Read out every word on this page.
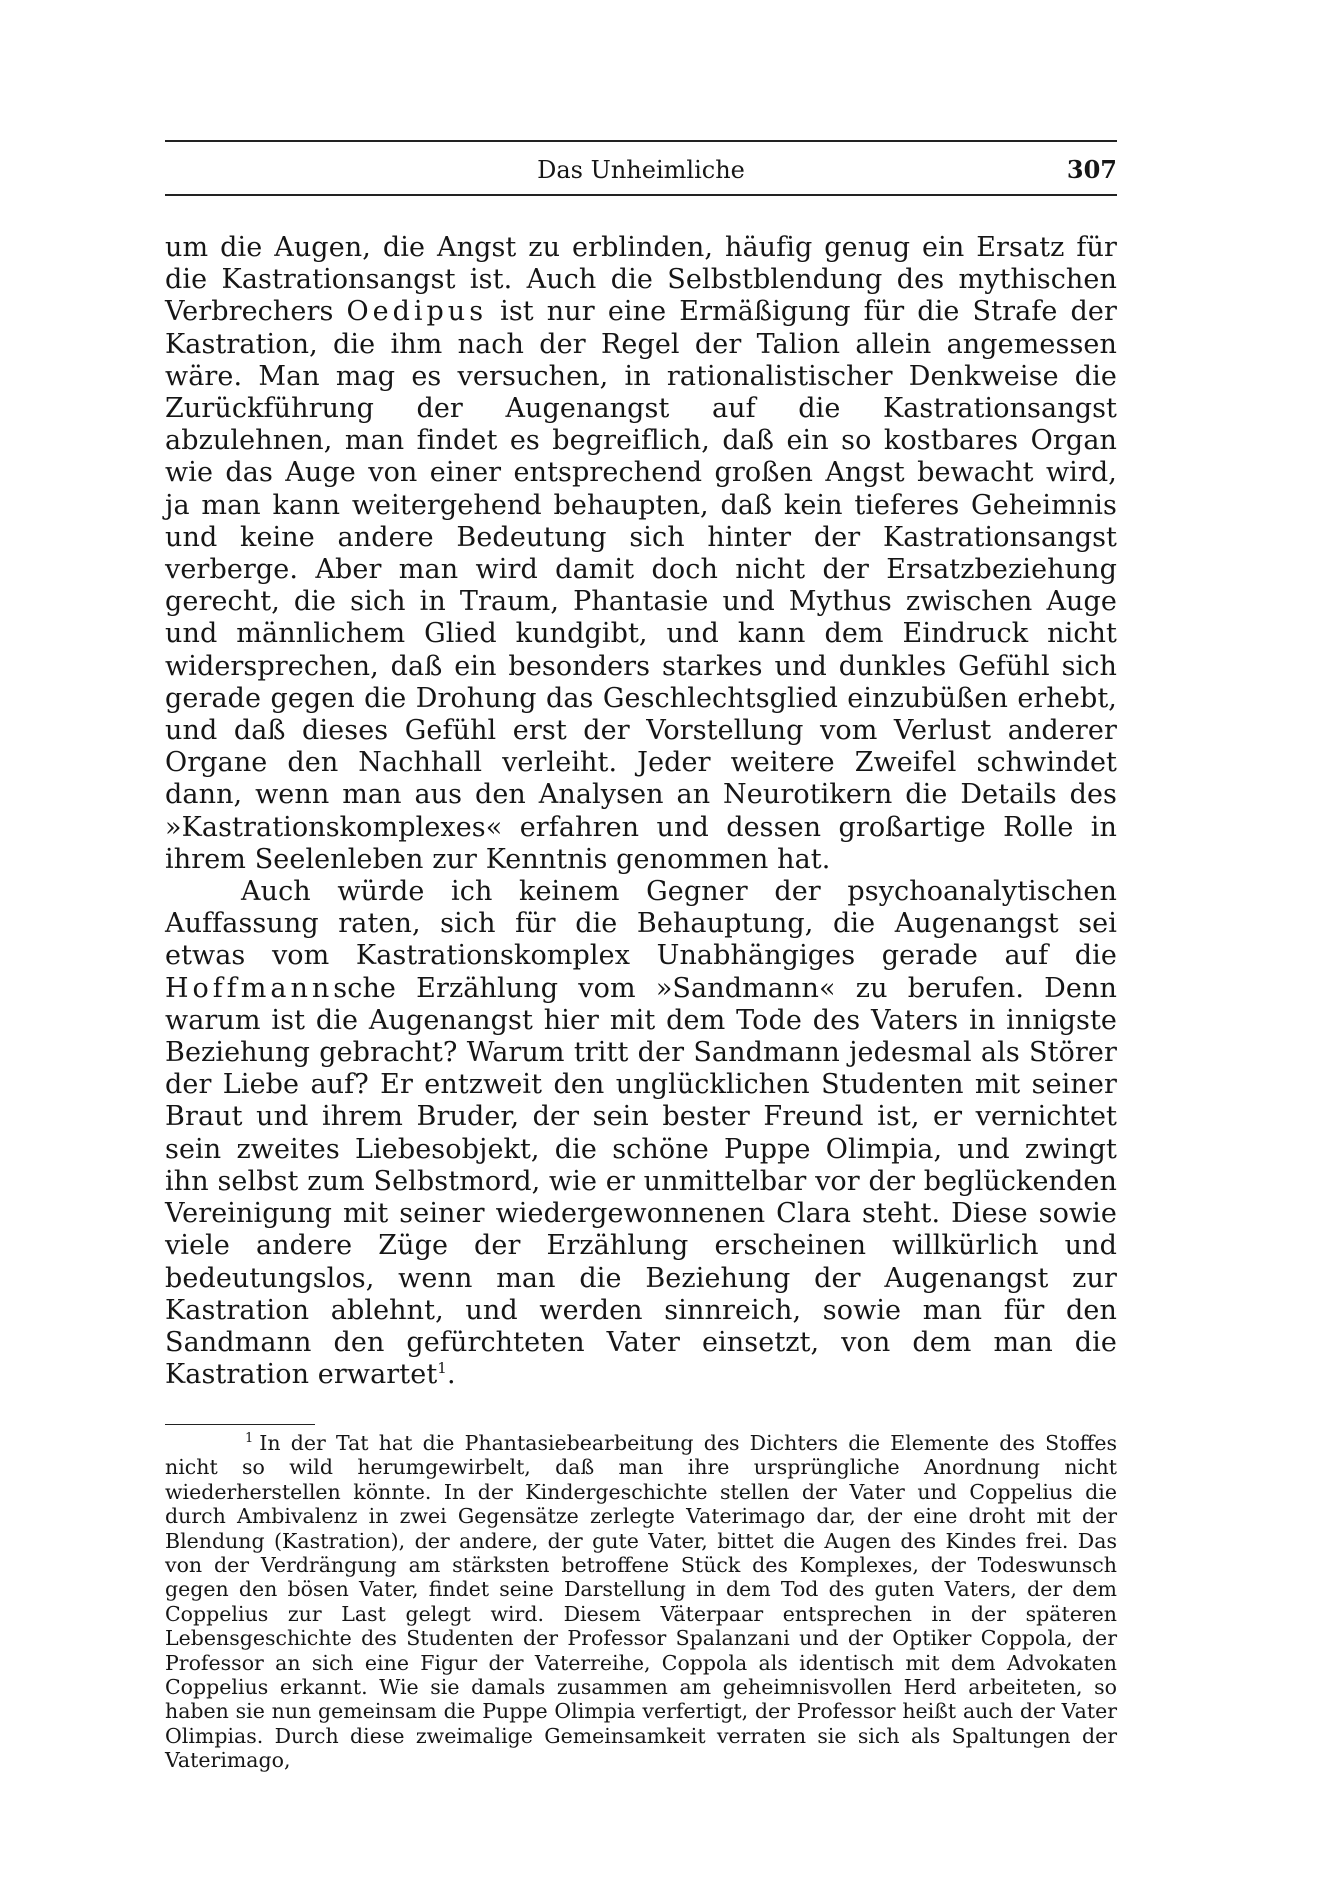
Das Unheimliche	307

um die Augen, die Angst zu erblinden, häufig genug ein Ersatz für die Kastrationsangst ist. Auch die Selbstblendung des mythischen Verbrechers Oedipus ist nur eine Ermäßigung für die Strafe der Kastration, die ihm nach der Regel der Talion allein angemessen wäre. Man mag es versuchen, in rationalistischer Denkweise die Zurückführung der Augenangst auf die Kastrationsangst abzulehnen, man findet es begreiflich, daß ein so kostbares Organ wie das Auge von einer entsprechend großen Angst bewacht wird, ja man kann weitergehend behaupten, daß kein tieferes Geheimnis und keine andere Bedeutung sich hinter der Kastrationsangst verberge. Aber man wird damit doch nicht der Ersatzbeziehung gerecht, die sich in Traum, Phantasie und Mythus zwischen Auge und männlichem Glied kundgibt, und kann dem Eindruck nicht widersprechen, daß ein besonders starkes und dunkles Gefühl sich gerade gegen die Drohung das Geschlechtsglied einzubüßen erhebt, und daß dieses Gefühl erst der Vorstellung vom Verlust anderer Organe den Nachhall verleiht. Jeder weitere Zweifel schwindet dann, wenn man aus den Analysen an Neurotikern die Details des »Kastrationskomplexes« erfahren und dessen großartige Rolle in ihrem Seelenleben zur Kenntnis genommen hat.

Auch würde ich keinem Gegner der psychoanalytischen Auffassung raten, sich für die Behauptung, die Augenangst sei etwas vom Kastrationskomplex Unabhängiges gerade auf die Hoffmannsche Erzählung vom »Sandmann« zu berufen. Denn warum ist die Augenangst hier mit dem Tode des Vaters in innigste Beziehung gebracht? Warum tritt der Sandmann jedesmal als Störer der Liebe auf? Er entzweit den unglücklichen Studenten mit seiner Braut und ihrem Bruder, der sein bester Freund ist, er vernichtet sein zweites Liebesobjekt, die schöne Puppe Olimpia, und zwingt ihn selbst zum Selbstmord, wie er unmittelbar vor der beglückenden Vereinigung mit seiner wiedergewonnenen Clara steht. Diese sowie viele andere Züge der Erzählung erscheinen willkürlich und bedeutungslos, wenn man die Beziehung der Augenangst zur Kastration ablehnt, und werden sinnreich, sowie man für den Sandmann den gefürchteten Vater einsetzt, von dem man die Kastration erwartet$^1$.

$^1$ In der Tat hat die Phantasiebearbeitung des Dichters die Elemente des Stoffes nicht so wild herumgewirbelt, daß man ihre ursprüngliche Anordnung nicht wiederherstellen könnte. In der Kindergeschichte stellen der Vater und Coppelius die durch Ambivalenz in zwei Gegensätze zerlegte Vaterimago dar, der eine droht mit der Blendung (Kastration), der andere, der gute Vater, bittet die Augen des Kindes frei. Das von der Verdrängung am stärksten betroffene Stück des Komplexes, der Todeswunsch gegen den bösen Vater, findet seine Darstellung in dem Tod des guten Vaters, der dem Coppelius zur Last gelegt wird. Diesem Väterpaar entsprechen in der späteren Lebensgeschichte des Studenten der Professor Spalanzani und der Optiker Coppola, der Professor an sich eine Figur der Vaterreihe, Coppola als identisch mit dem Advokaten Coppelius erkannt. Wie sie damals zusammen am geheimnisvollen Herd arbeiteten, so haben sie nun gemeinsam die Puppe Olimpia verfertigt, der Professor heißt auch der Vater Olimpias. Durch diese zweimalige Gemeinsamkeit verraten sie sich als Spaltungen der Vaterimago,
